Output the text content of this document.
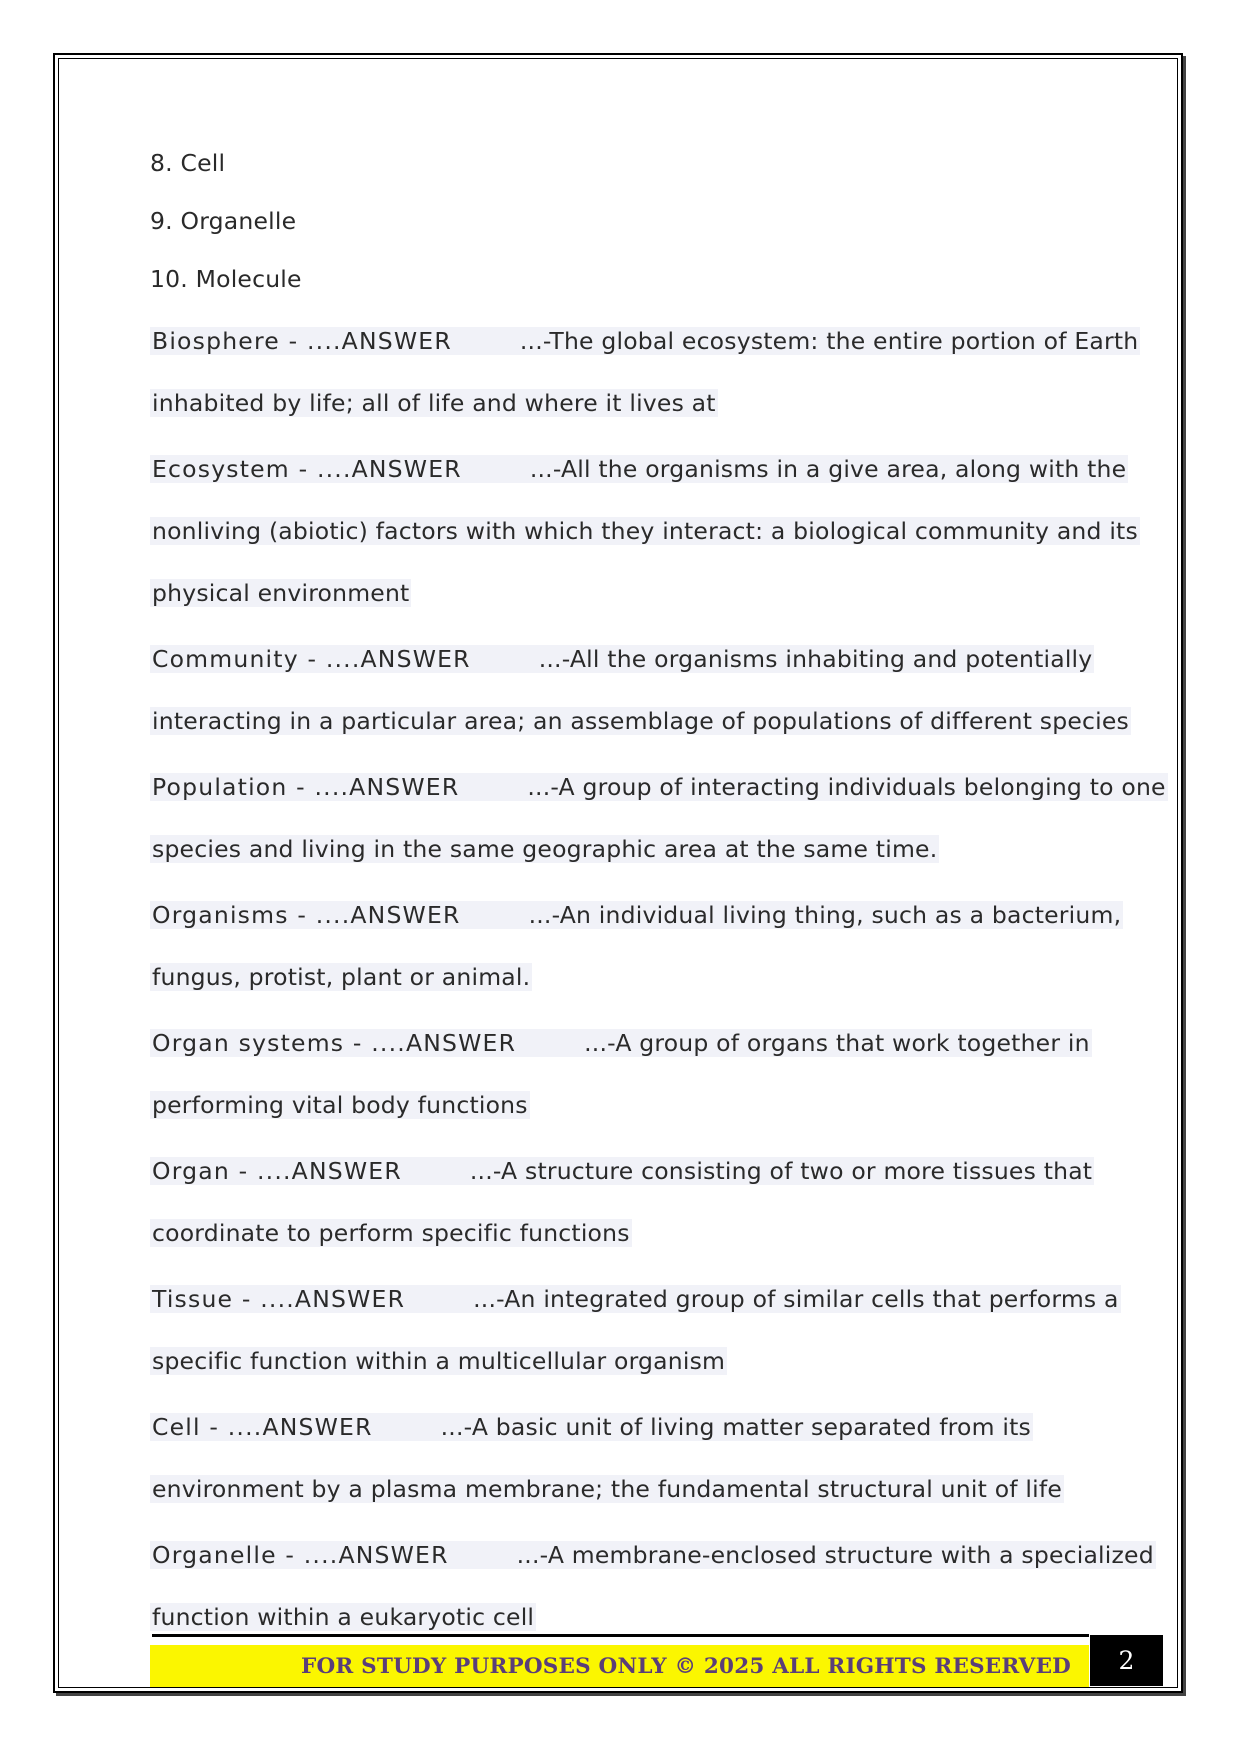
8. Cell
9. Organelle
10. Molecule
Biosphere - ....ANSWER	...-The global ecosystem: the entire portion of Earth
inhabited by life; all of life and where it lives at
Ecosystem - ....ANSWER	...-All the organisms in a give area, along with the
nonliving (abiotic) factors with which they interact: a biological community and its
physical environment
Community - ....ANSWER	...-All the organisms inhabiting and potentially
interacting in a particular area; an assemblage of populations of different species
Population - ....ANSWER	...-A group of interacting individuals belonging to one
species and living in the same geographic area at the same time.
Organisms - ....ANSWER	...-An individual living thing, such as a bacterium,
fungus, protist, plant or animal.
Organ systems - ....ANSWER	...-A group of organs that work together in
performing vital body functions
Organ - ....ANSWER	...-A structure consisting of two or more tissues that
coordinate to perform specific functions
Tissue - ....ANSWER	...-An integrated group of similar cells that performs a
specific function within a multicellular organism
Cell - ....ANSWER	...-A basic unit of living matter separated from its
environment by a plasma membrane; the fundamental structural unit of life
Organelle - ....ANSWER	...-A membrane-enclosed structure with a specialized
function within a eukaryotic cell
FOR STUDY PURPOSES ONLY © 2025 ALL RIGHTS RESERVED	2
